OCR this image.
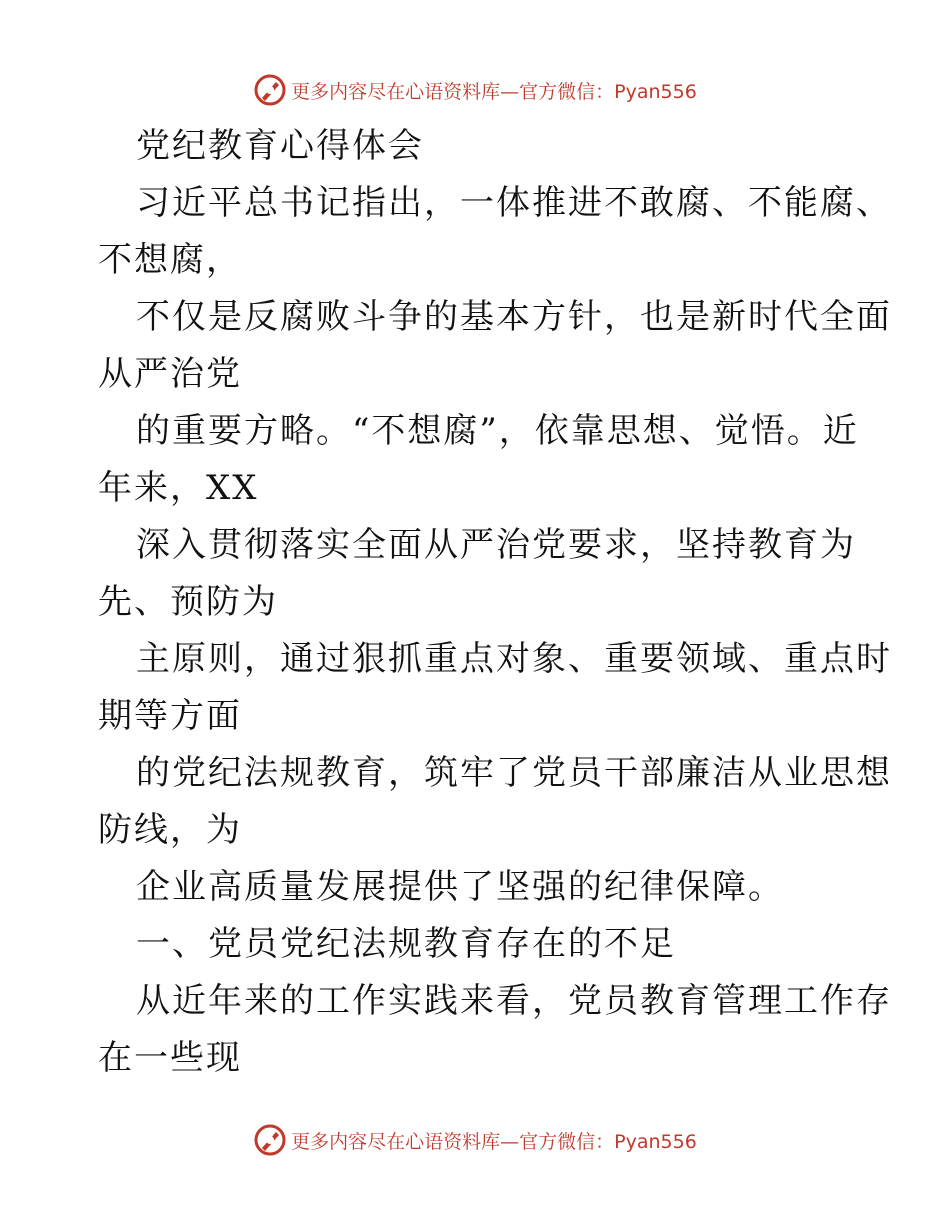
更多内容尽在心语资料库— 官方微信：Pyan556
党纪教育心得体会
习近平总书记指出，一体推进不敢腐、不能腐、
不想腐，
不仅是反腐败斗争的基本方针，也是新时代全面
从严治党
的重要方略。“不想腐”，依靠思想、觉悟。近
年来，XX
深入贯彻落实全面从严治党要求，坚持教育为
先、预防为
主原则，通过狠抓重点对象、重要领域、重点时
期等方面
的党纪法规教育，筑牢了党员干部廉洁从业思想
防线，为
企业高质量发展提供了坚强的纪律保障。
一、党员党纪法规教育存在的不足
从近年来的工作实践来看，党员教育管理工作存
在一些现
更多内容尽在心语资料库— 官方微信：Pyan556
